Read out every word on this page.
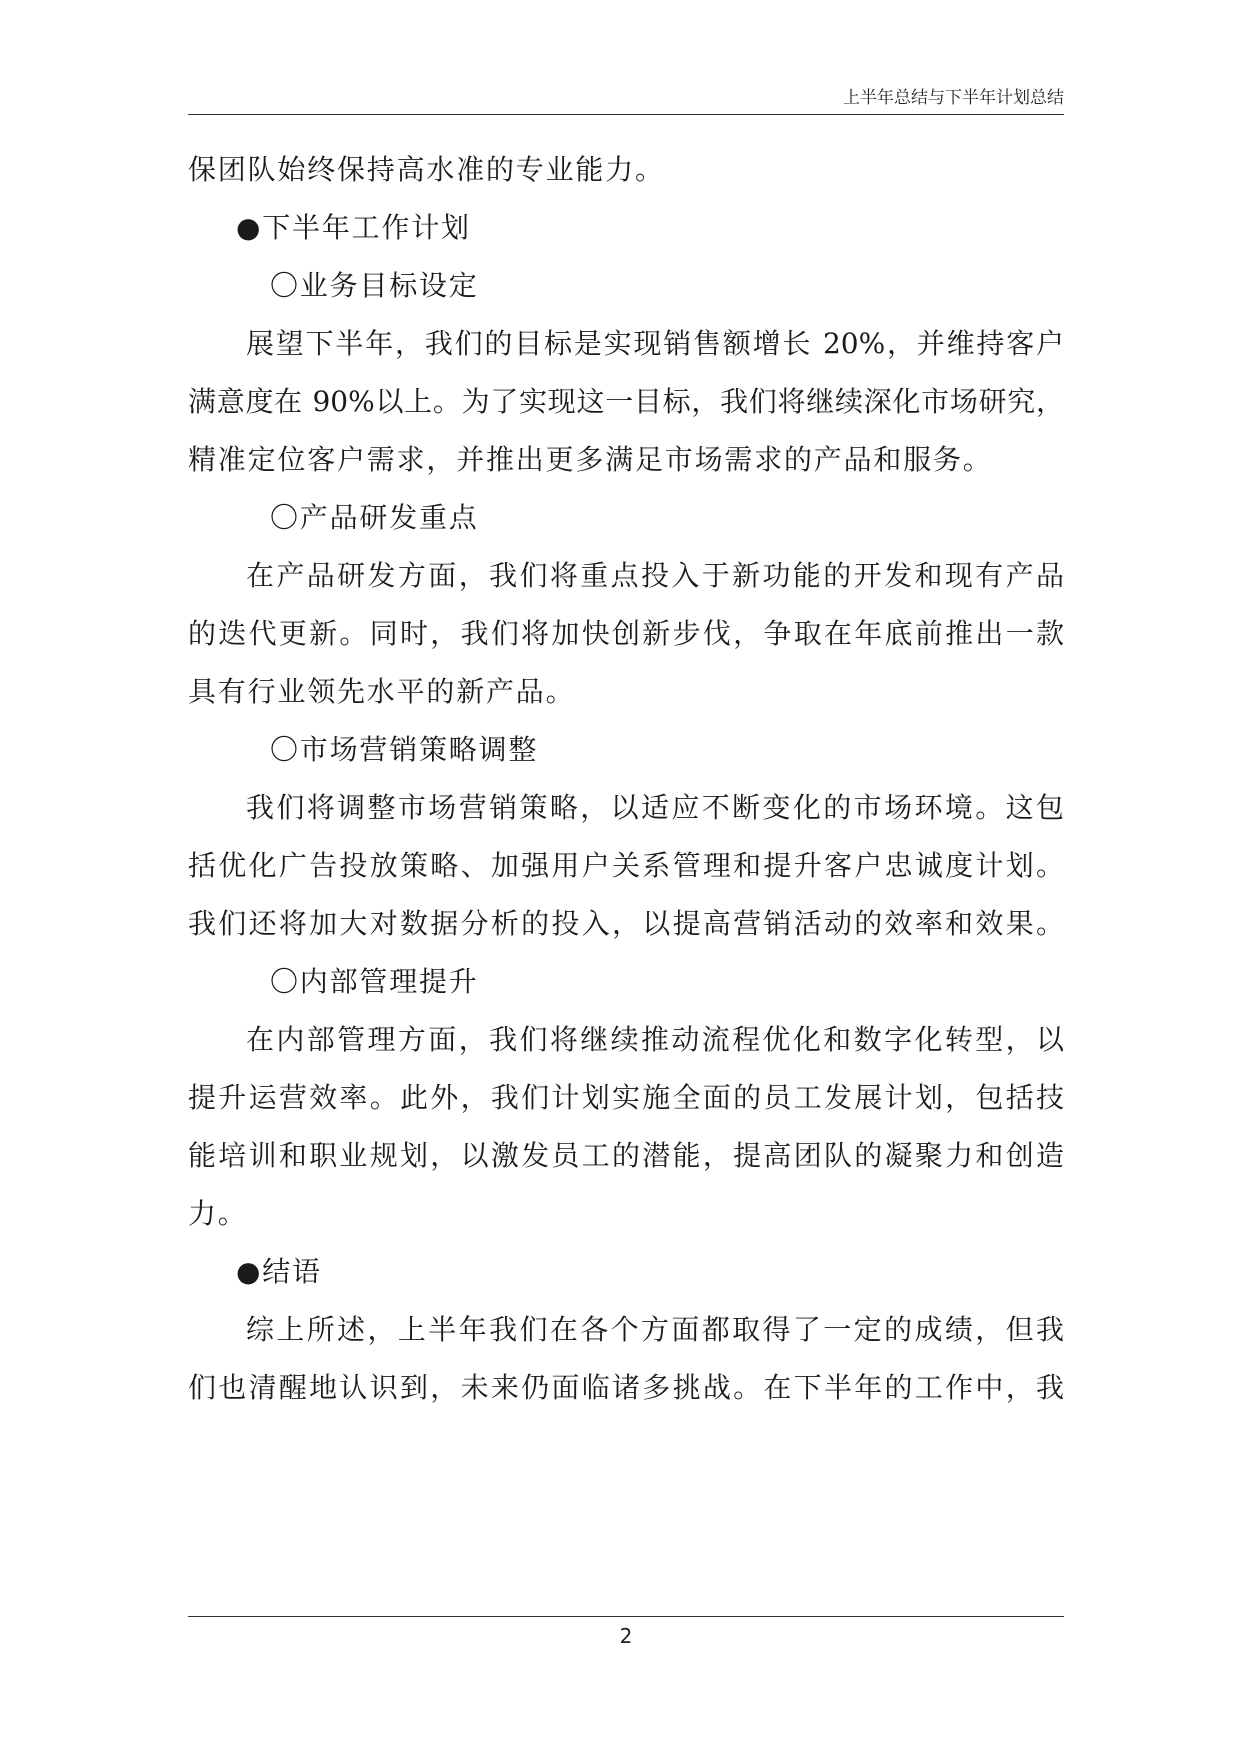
上半年总结与下半年计划总结
保团队始终保持高水准的专业能力。
●下半年工作计划
〇业务目标设定
展望下半年，我们的目标是实现销售额增长 20%，并维持客户
满意度在 90%以上。为了实现这一目标，我们将继续深化市场研究，
精准定位客户需求，并推出更多满足市场需求的产品和服务。
〇产品研发重点
在产品研发方面，我们将重点投入于新功能的开发和现有产品
的迭代更新。同时，我们将加快创新步伐，争取在年底前推出一款
具有行业领先水平的新产品。
〇市场营销策略调整
我们将调整市场营销策略，以适应不断变化的市场环境。这包
括优化广告投放策略、加强用户关系管理和提升客户忠诚度计划。
我们还将加大对数据分析的投入，以提高营销活动的效率和效果。
〇内部管理提升
在内部管理方面，我们将继续推动流程优化和数字化转型，以
提升运营效率。此外，我们计划实施全面的员工发展计划，包括技
能培训和职业规划，以激发员工的潜能，提高团队的凝聚力和创造
力。
●结语
综上所述，上半年我们在各个方面都取得了一定的成绩，但我
们也清醒地认识到，未来仍面临诸多挑战。在下半年的工作中，我
2
